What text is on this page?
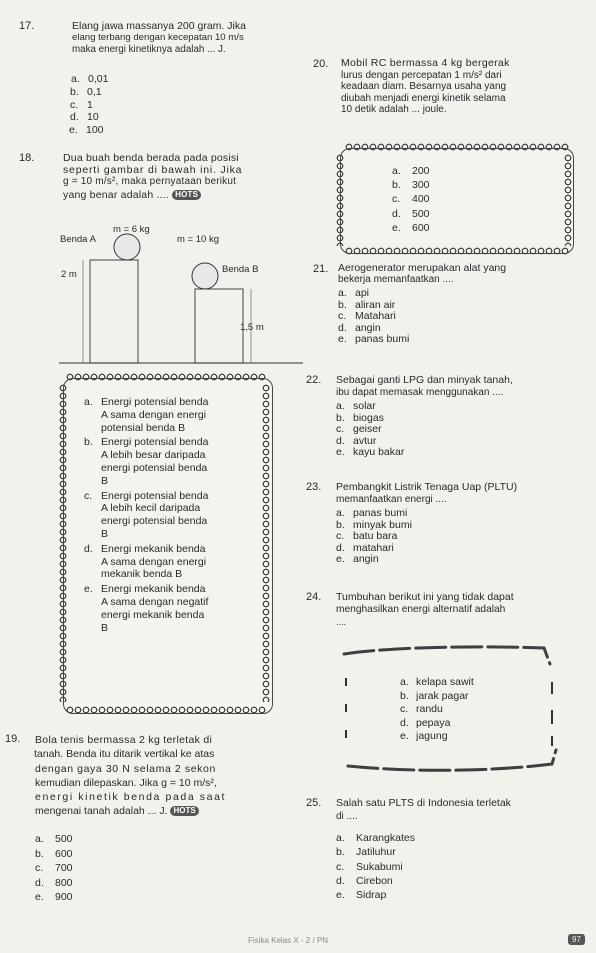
17.	Elang jawa massanya 200 gram. Jika
elang terbang dengan kecepatan 10 m/s
maka energi kinetiknya adalah ... J.
a. 0,01
b. 0,1
c. 1
d. 10
e. 100
18.	Dua buah benda berada pada posisi
seperti gambar di bawah ini. Jika
g = 10 m/s², maka pernyataan berikut
yang benar adalah .... HOTS
m = 6 kg
m = 10 kg
Benda A
Benda B
2 m
1,5 m
a. Energi potensial benda
A sama dengan energi
potensial benda B
b. Energi potensial benda
A lebih besar daripada
energi potensial benda
B
c. Energi potensial benda
A lebih kecil daripada
energi potensial benda
B
d. Energi mekanik benda
A sama dengan energi
mekanik benda B
e. Energi mekanik benda
A sama dengan negatif
energi mekanik benda
B
19. Bola tenis bermassa 2 kg terletak di
tanah. Benda itu ditarik vertikal ke atas
dengan gaya 30 N selama 2 sekon
kemudian dilepaskan. Jika g = 10 m/s²,
energi kinetik benda pada saat
mengenai tanah adalah ... J. HOTS
a. 500
b. 600
c. 700
d. 800
e. 900
20. Mobil RC bermassa 4 kg bergerak
lurus dengan percepatan 1 m/s² dari
keadaan diam. Besarnya usaha yang
diubah menjadi energi kinetik selama
10 detik adalah ... joule.
a. 200
b. 300
c. 400
d. 500
e. 600
21. Aerogenerator merupakan alat yang
bekerja memanfaatkan ....
a. api
b. aliran air
c. Matahari
d. angin
e. panas bumi
22. Sebagai ganti LPG dan minyak tanah,
ibu dapat memasak menggunakan ....
a. solar
b. biogas
c. geiser
d. avtur
e. kayu bakar
23. Pembangkit Listrik Tenaga Uap (PLTU)
memanfaatkan energi ....
a. panas bumi
b. minyak bumi
c. batu bara
d. matahari
e. angin
24. Tumbuhan berikut ini yang tidak dapat
menghasilkan energi alternatif adalah
....
a. kelapa sawit
b. jarak pagar
c. randu
d. pepaya
e. jagung
25. Salah satu PLTS di Indonesia terletak
di ....
a. Karangkates
b. Jatiluhur
c. Sukabumi
d. Cirebon
e. Sidrap
Fisika Kelas X - 2 / PN	97
